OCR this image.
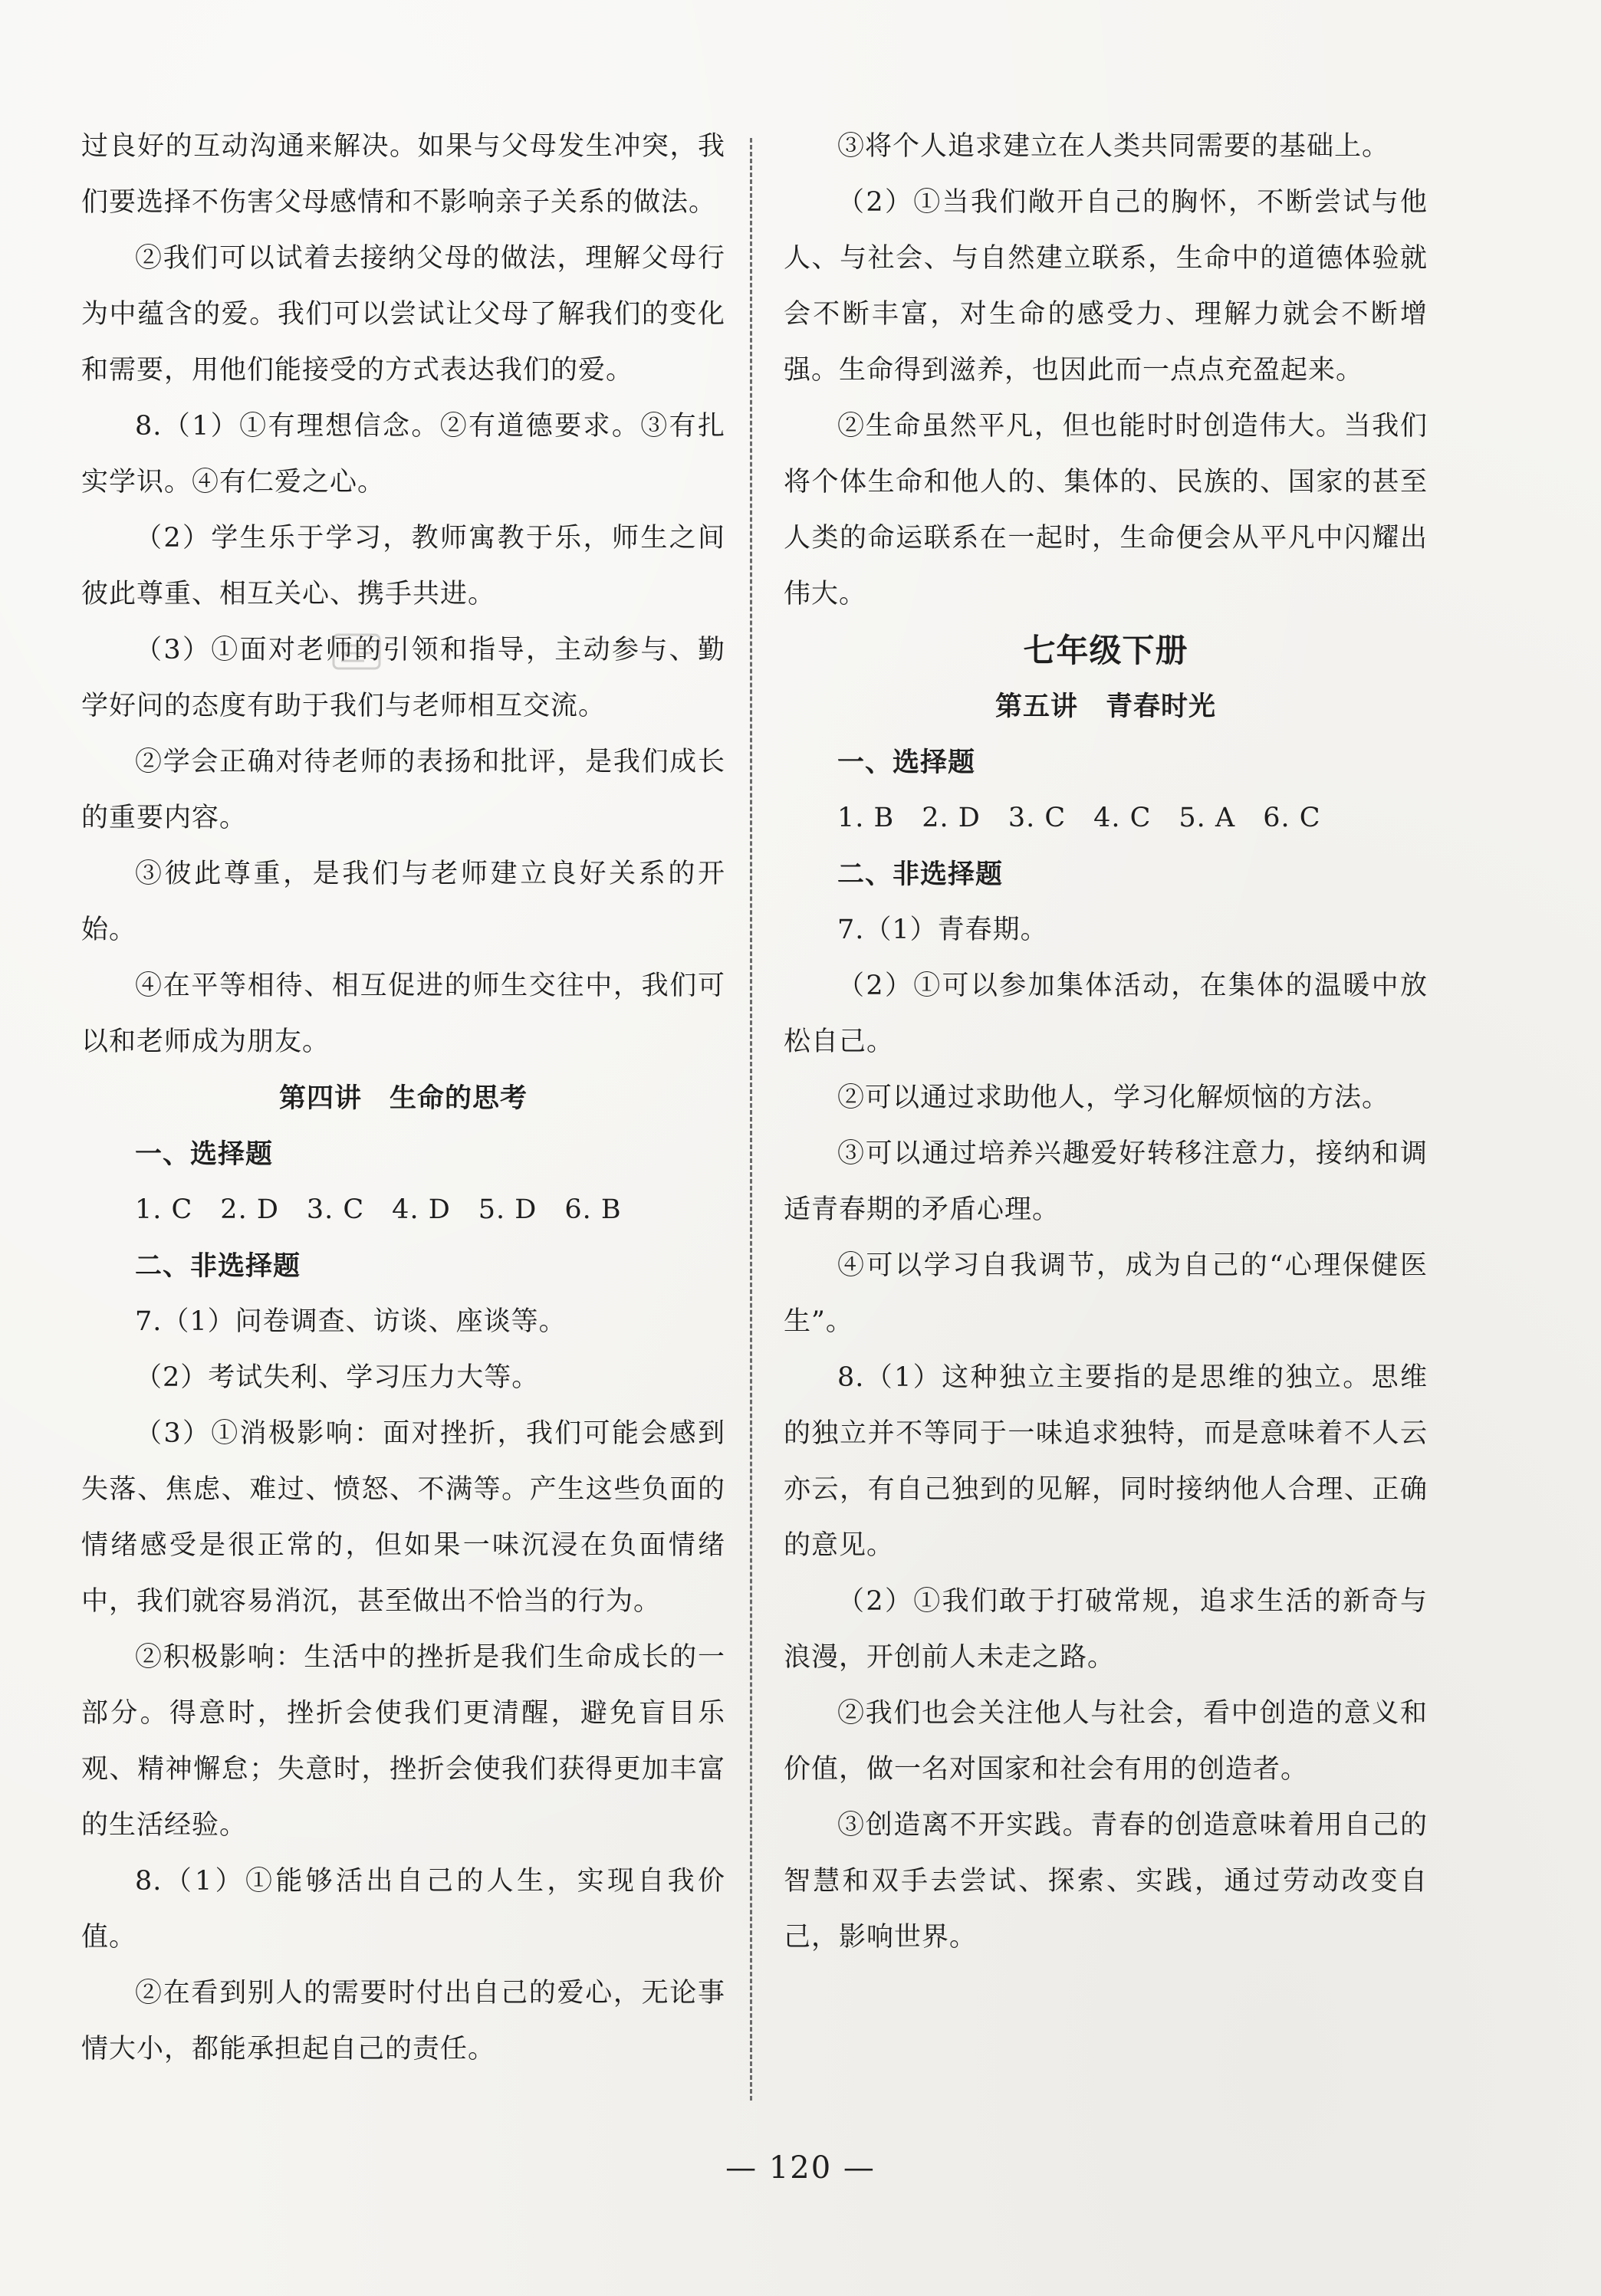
过良好的互动沟通来解决。如果与父母发生冲突，我们要选择不伤害父母感情和不影响亲子关系的做法。

②我们可以试着去接纳父母的做法，理解父母行为中蕴含的爱。我们可以尝试让父母了解我们的变化和需要，用他们能接受的方式表达我们的爱。

8.（1）①有理想信念。②有道德要求。③有扎实学识。④有仁爱之心。

（2）学生乐于学习，教师寓教于乐，师生之间彼此尊重、相互关心、携手共进。

（3）①面对老师的引领和指导，主动参与、勤学好问的态度有助于我们与老师相互交流。

②学会正确对待老师的表扬和批评，是我们成长的重要内容。

③彼此尊重，是我们与老师建立良好关系的开始。

④在平等相待、相互促进的师生交往中，我们可以和老师成为朋友。

第四讲　生命的思考

一、选择题

1. C　2. D　3. C　4. D　5. D　6. B

二、非选择题

7.（1）问卷调查、访谈、座谈等。

（2）考试失利、学习压力大等。

（3）①消极影响：面对挫折，我们可能会感到失落、焦虑、难过、愤怒、不满等。产生这些负面的情绪感受是很正常的，但如果一味沉浸在负面情绪中，我们就容易消沉，甚至做出不恰当的行为。

②积极影响：生活中的挫折是我们生命成长的一部分。得意时，挫折会使我们更清醒，避免盲目乐观、精神懈怠；失意时，挫折会使我们获得更加丰富的生活经验。

8.（1）①能够活出自己的人生，实现自我价值。

②在看到别人的需要时付出自己的爱心，无论事情大小，都能承担起自己的责任。

③将个人追求建立在人类共同需要的基础上。

（2）①当我们敞开自己的胸怀，不断尝试与他人、与社会、与自然建立联系，生命中的道德体验就会不断丰富，对生命的感受力、理解力就会不断增强。生命得到滋养，也因此而一点点充盈起来。

②生命虽然平凡，但也能时时创造伟大。当我们将个体生命和他人的、集体的、民族的、国家的甚至人类的命运联系在一起时，生命便会从平凡中闪耀出伟大。

七年级下册

第五讲　青春时光

一、选择题

1. B　2. D　3. C　4. C　5. A　6. C

二、非选择题

7.（1）青春期。

（2）①可以参加集体活动，在集体的温暖中放松自己。

②可以通过求助他人，学习化解烦恼的方法。

③可以通过培养兴趣爱好转移注意力，接纳和调适青春期的矛盾心理。

④可以学习自我调节，成为自己的“心理保健医生”。

8.（1）这种独立主要指的是思维的独立。思维的独立并不等同于一味追求独特，而是意味着不人云亦云，有自己独到的见解，同时接纳他人合理、正确的意见。

（2）①我们敢于打破常规，追求生活的新奇与浪漫，开创前人未走之路。

②我们也会关注他人与社会，看中创造的意义和价值，做一名对国家和社会有用的创造者。

③创造离不开实践。青春的创造意味着用自己的智慧和双手去尝试、探索、实践，通过劳动改变自己，影响世界。

— 120 —
